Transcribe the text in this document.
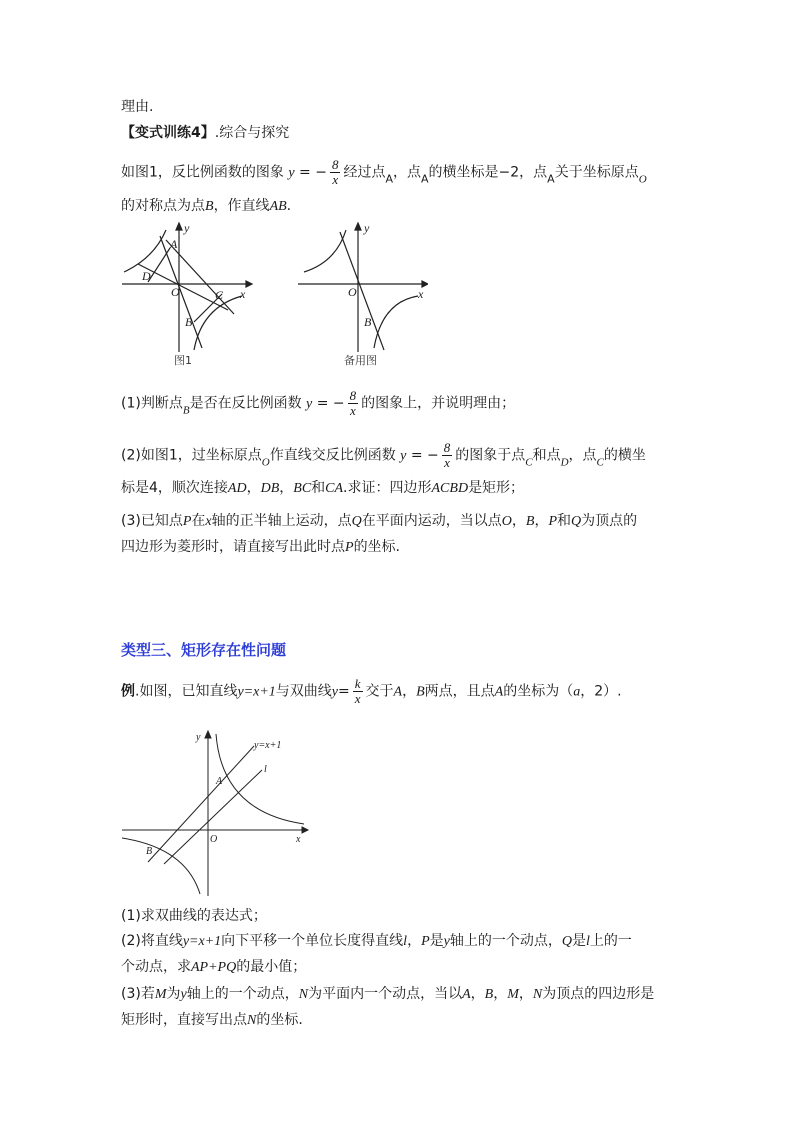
理由.
【变式训练4】.综合与探究
如图1，反比例函数的图象 y = − $\frac{8}{x}$ 经过点$_A$，点$_A$的横坐标是−2，点$_A$关于坐标原点$_O$
的对称点为点B，作直线AB.
A
D
O	C
B
x
y
图1
O
B
x
y
备用图
(1)判断点$_B$是否在反比例函数 y = − $\frac{8}{x}$ 的图象上，并说明理由；
(2)如图1，过坐标原点$_O$作直线交反比例函数 y = − $\frac{8}{x}$ 的图象于点$_C$和点$_D$，点$_C$的横坐
标是4，顺次连接AD，DB，BC和CA.求证：四边形ACBD是矩形；
(3)已知点P在x轴的正半轴上运动，点Q在平面内运动，当以点O，B，P和Q为顶点的
四边形为菱形时，请直接写出此时点P的坐标.
类型三、矩形存在性问题
例.如图，已知直线y=x+1与双曲线$y= \frac{k}{x}$ 交于A，B两点，且点A的坐标为（a，2）.
y
x
O
A
B
y=x+1
l
(1)求双曲线的表达式；
(2)将直线y=x+1向下平移一个单位长度得直线l，P是y轴上的一个动点，Q是l上的一
个动点，求AP+PQ的最小值；
(3)若M为y轴上的一个动点，N为平面内一个动点，当以A，B，M，N为顶点的四边形是
矩形时，直接写出点N的坐标.
